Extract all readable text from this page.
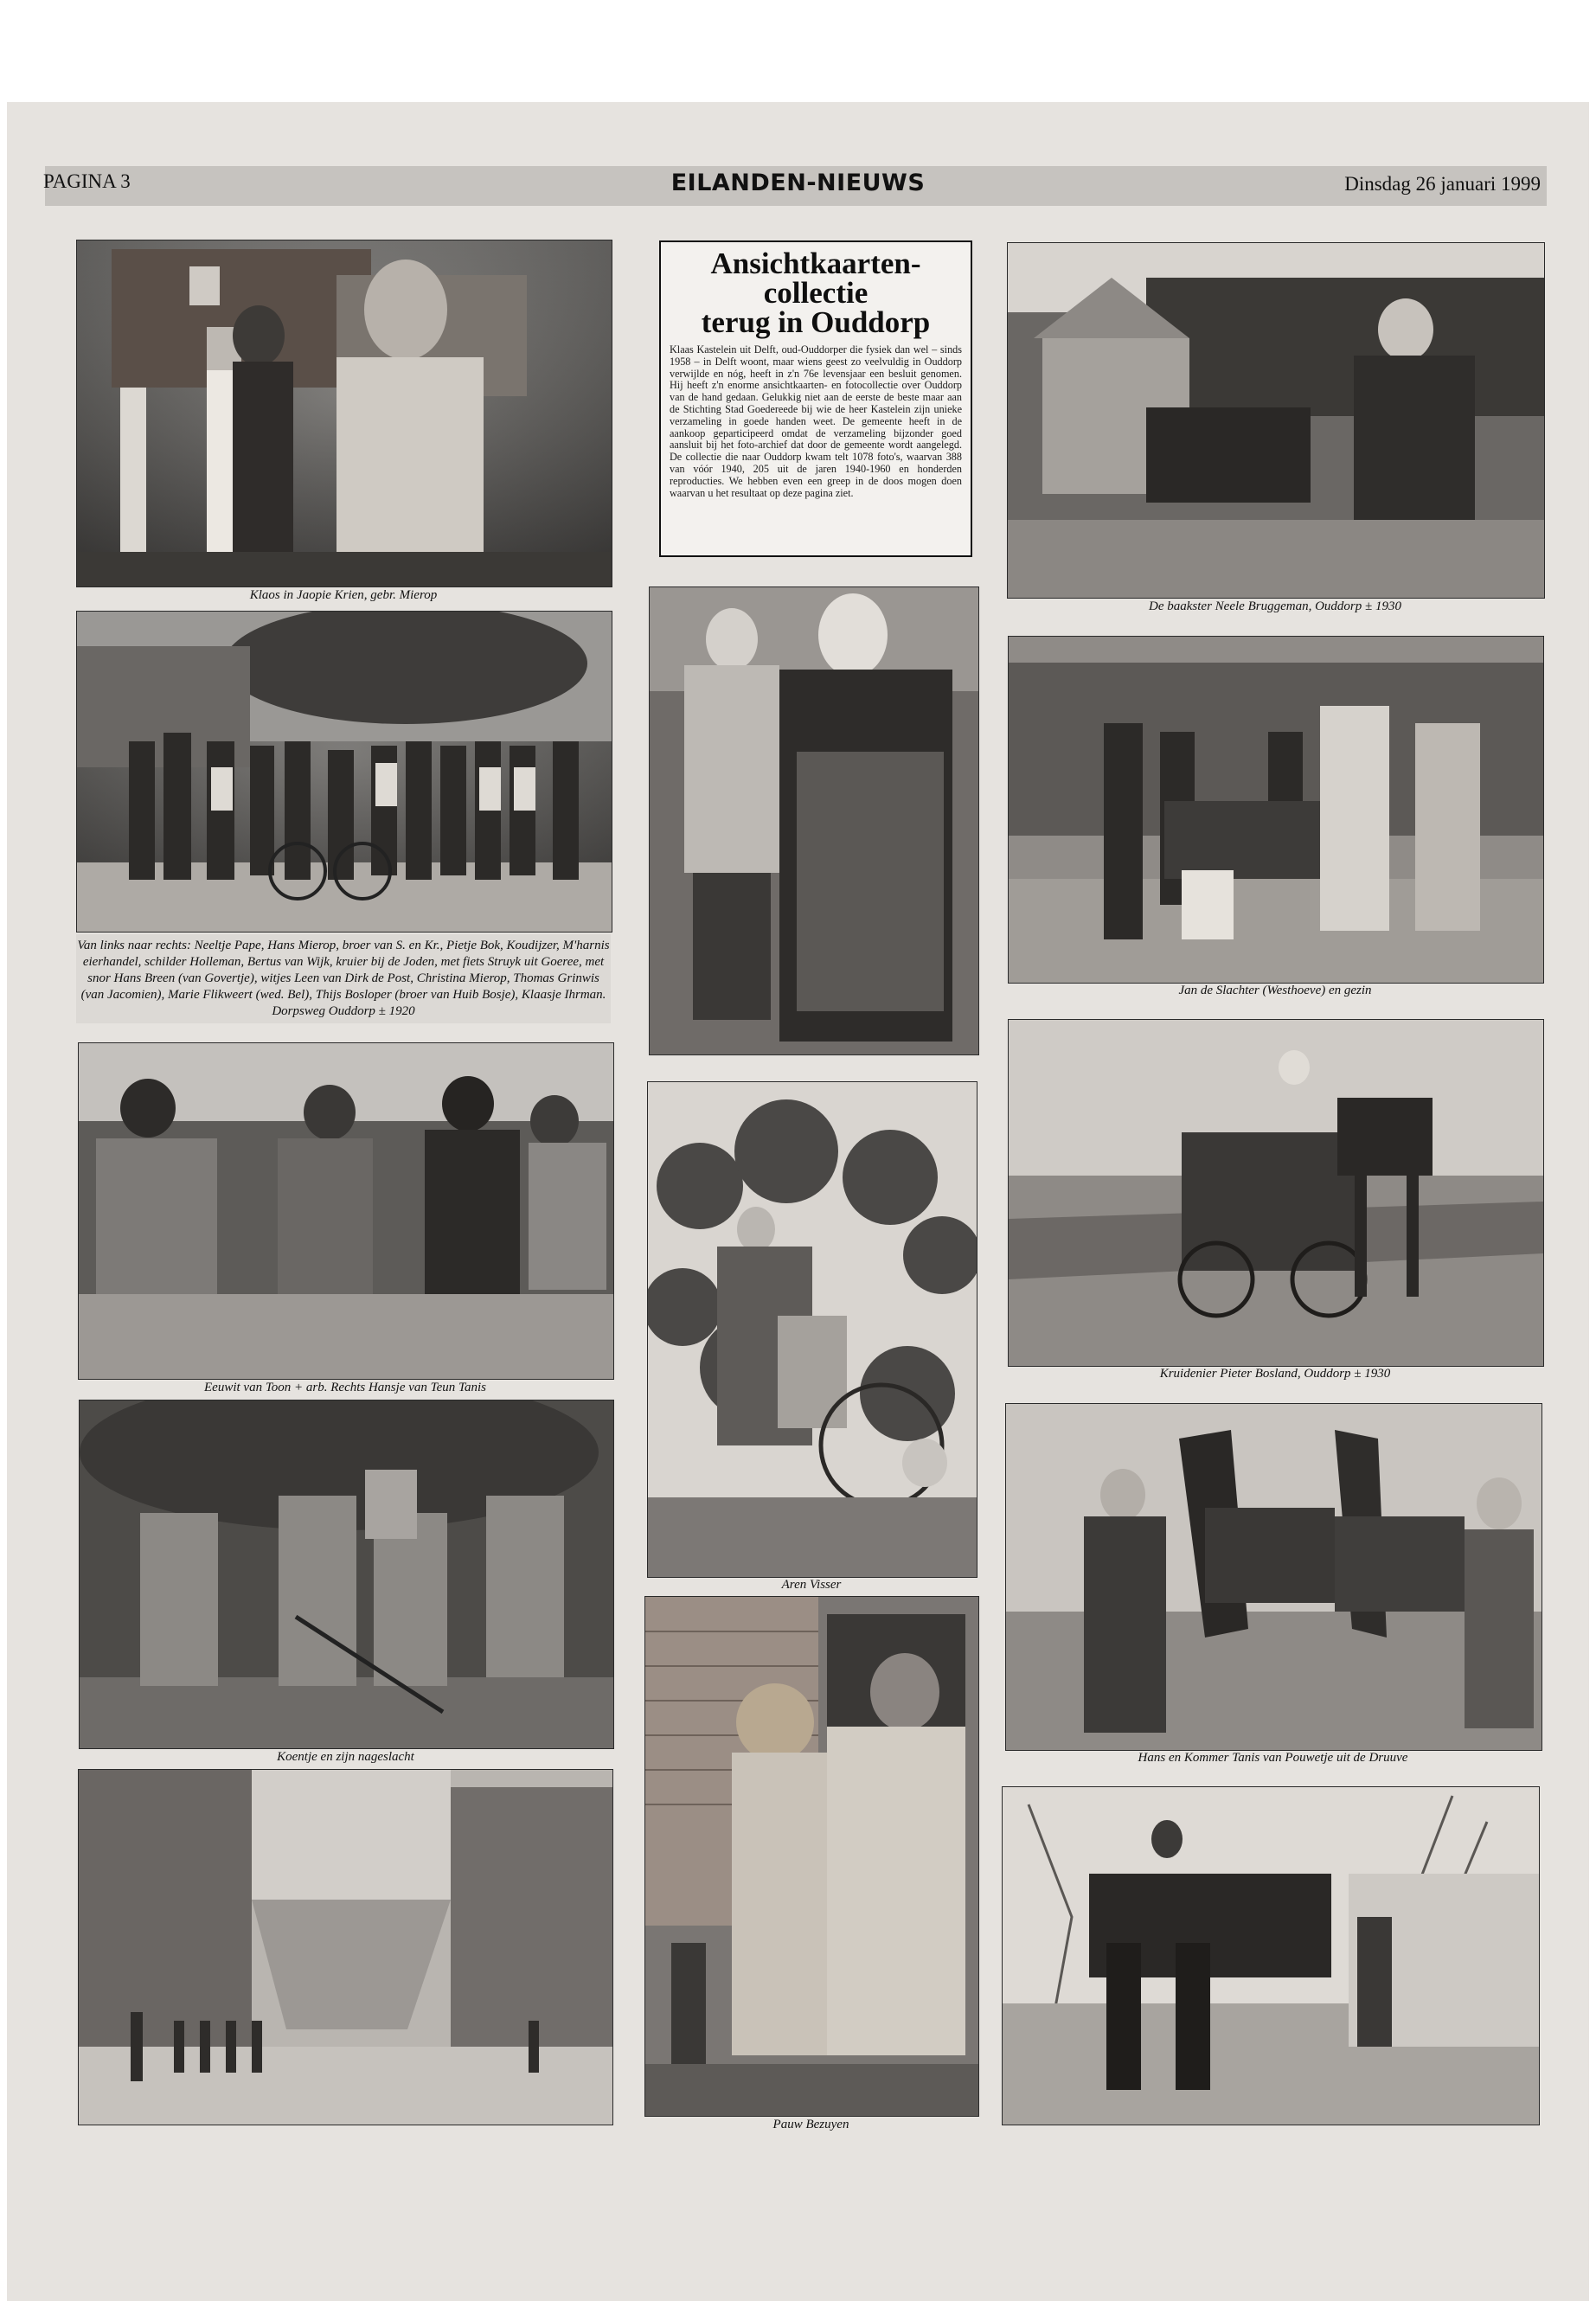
PAGINA 3	EILANDEN-NIEUWS	Dinsdag 26 januari 1999
Klaos in Jaopie Krien, gebr. Mierop
Van links naar rechts: Neeltje Pape, Hans Mierop, broer van S. en Kr., Pietje Bok, Koudijzer, M'harnis eierhandel, schilder Holleman, Bertus van Wijk, kruier bij de Joden, met fiets Struyk uit Goeree, met snor Hans Breen (van Govertje), witjes Leen van Dirk de Post, Christina Mierop, Thomas Grinwis (van Jacomien), Marie Flikweert (wed. Bel), Thijs Bosloper (broer van Huib Bosje), Klaasje Ihrman. Dorpsweg Ouddorp ± 1920
Eeuwit van Toon + arb. Rechts Hansje van Teun Tanis
Koentje en zijn nageslacht
Ansichtkaarten-
collectie
terug in Ouddorp
Klaas Kastelein uit Delft, oud-Ouddorper die fysiek dan wel – sinds 1958 – in Delft woont, maar wiens geest zo veelvuldig in Ouddorp verwijlde en nóg, heeft in z'n 76e levensjaar een besluit genomen. Hij heeft z'n enorme ansichtkaarten- en fotocollectie over Ouddorp van de hand gedaan. Gelukkig niet aan de eerste de beste maar aan de Stichting Stad Goedereede bij wie de heer Kastelein zijn unieke verzameling in goede handen weet. De gemeente heeft in de aankoop geparticipeerd omdat de verzameling bijzonder goed aansluit bij het foto-archief dat door de gemeente wordt aangelegd. De collectie die naar Ouddorp kwam telt 1078 foto's, waarvan 388 van vóór 1940, 205 uit de jaren 1940-1960 en honderden reproducties. We hebben even een greep in de doos mogen doen waarvan u het resultaat op deze pagina ziet.
Aren Visser
Pauw Bezuyen
De baakster Neele Bruggeman, Ouddorp ± 1930
Jan de Slachter (Westhoeve) en gezin
Kruidenier Pieter Bosland, Ouddorp ± 1930
Hans en Kommer Tanis van Pouwetje uit de Druuve
